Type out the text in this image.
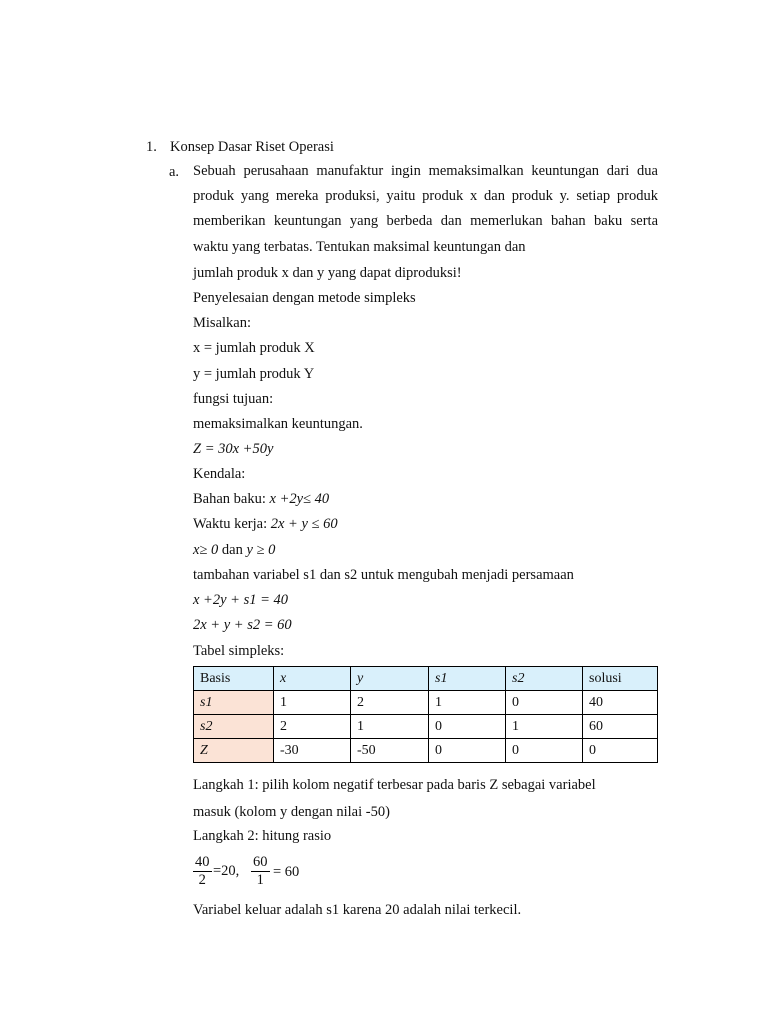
1. Konsep Dasar Riset Operasi
a. Sebuah perusahaan manufaktur ingin memaksimalkan keuntungan dari dua produk yang mereka produksi, yaitu produk x dan produk y. setiap produk memberikan keuntungan yang berbeda dan memerlukan bahan baku serta waktu yang terbatas. Tentukan maksimal keuntungan dan
jumlah produk x dan y yang dapat diproduksi!
Penyelesaian dengan metode simpleks
Misalkan:
x = jumlah produk X
y = jumlah produk Y
fungsi tujuan:
memaksimalkan keuntungan.
Z = 30x +50y
Kendala:
Bahan baku: x +2y≤ 40
Waktu kerja: 2x + y ≤ 60
x≥ 0 dan y ≥ 0
tambahan variabel s1 dan s2 untuk mengubah menjadi persamaan
x +2y + s1 = 40
2x + y + s2 = 60
Tabel simpleks:
Basis	x	y	s1	s2	solusi
s1	1	2	1	0	40
s2	2	1	0	1	60
Z	-30	-50	0	0	0
Langkah 1: pilih kolom negatif terbesar pada baris Z sebagai variabel
masuk (kolom y dengan nilai -50)
Langkah 2: hitung rasio
40
2
=20,
60
1 = 60
Variabel keluar adalah s1 karena 20 adalah nilai terkecil.
